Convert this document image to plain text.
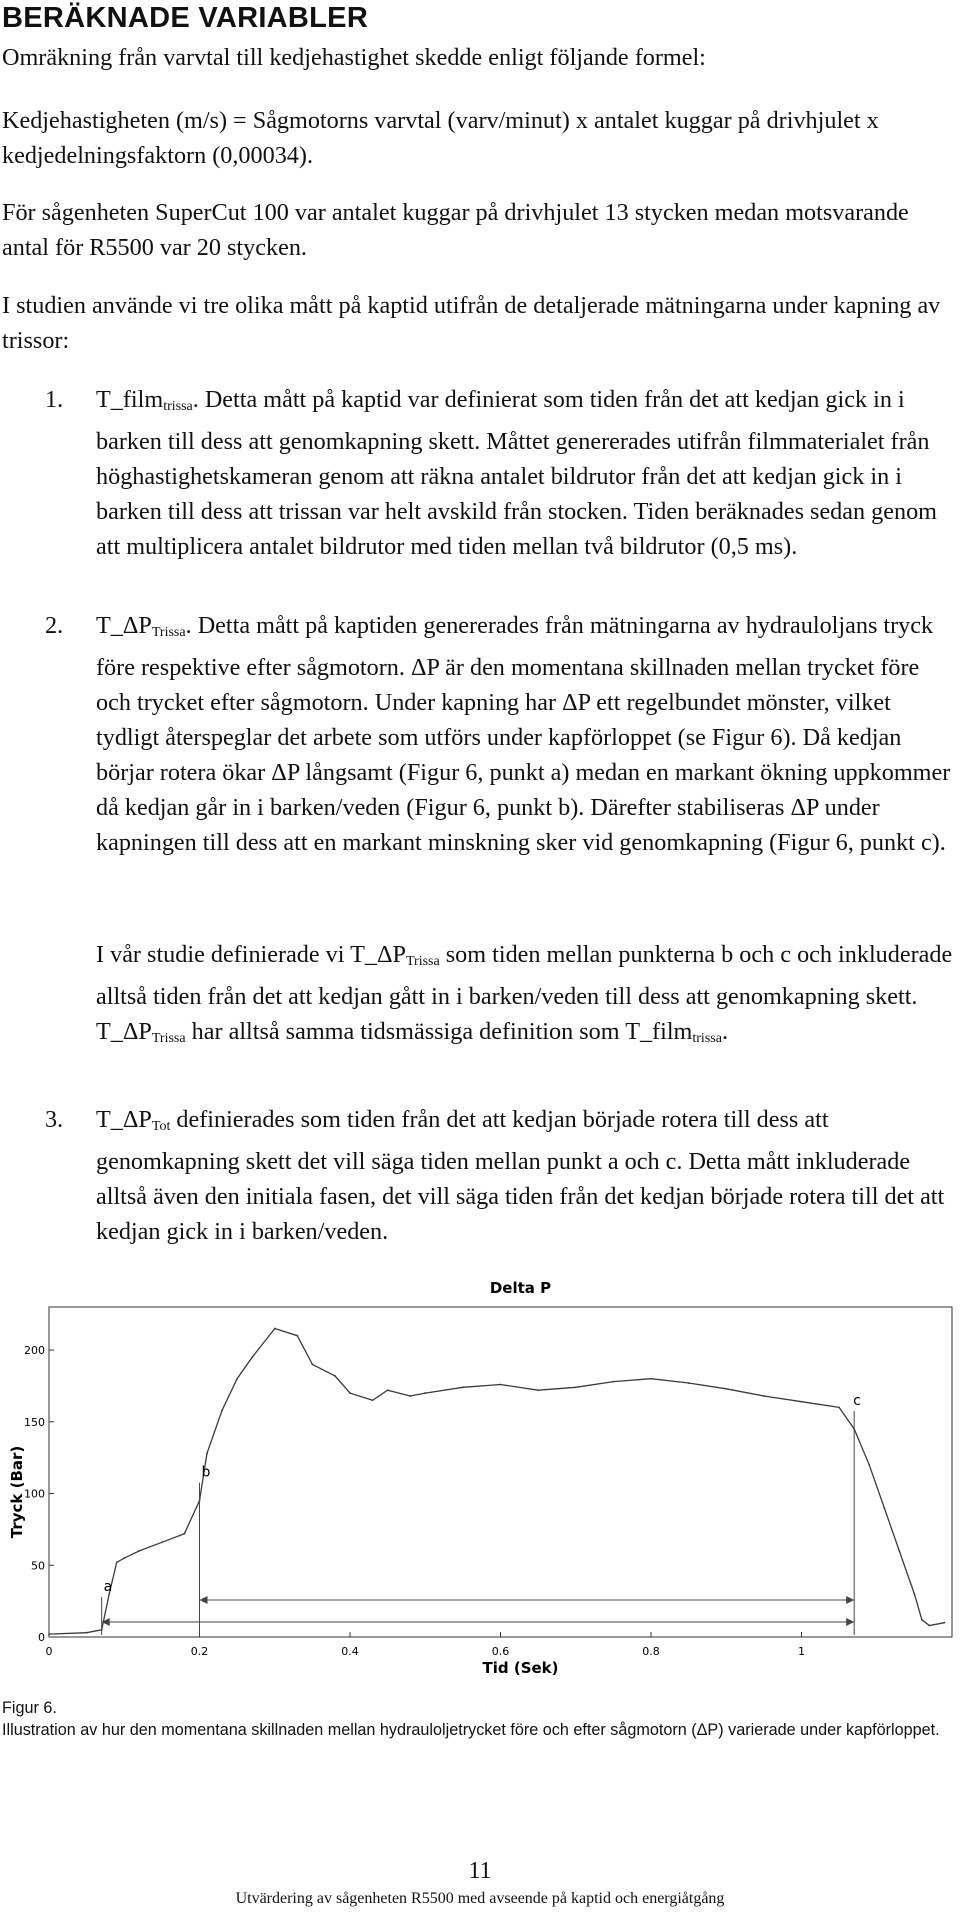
BERÄKNADE VARIABLER

Omräkning från varvtal till kedjehastighet skedde enligt följande formel:

Kedjehastigheten (m/s) = Sågmotorns varvtal (varv/minut) x antalet kuggar på drivhjulet x kedjedelningsfaktorn (0,00034).

För sågenheten SuperCut 100 var antalet kuggar på drivhjulet 13 stycken medan motsvarande antal för R5500 var 20 stycken.

I studien använde vi tre olika mått på kaptid utifrån de detaljerade mätningarna under kapning av trissor:

1. T_film$_{trissa}$. Detta mått på kaptid var definierat som tiden från det att kedjan gick in i barken till dess att genomkapning skett. Måttet genererades utifrån filmmaterialet från höghastighetskameran genom att räkna antalet bildrutor från det att kedjan gick in i barken till dess att trissan var helt avskild från stocken. Tiden beräknades sedan genom att multiplicera antalet bildrutor med tiden mellan två bildrutor (0,5 ms).

2. $T\_\Delta P_{Trissa}$. Detta mått på kaptiden genererades från mätningarna av hydrauloljans tryck före respektive efter sågmotorn. ΔP är den momentana skillnaden mellan trycket före och trycket efter sågmotorn. Under kapning har ΔP ett regelbundet mönster, vilket tydligt återspeglar det arbete som utförs under kapförloppet (se Figur 6). Då kedjan börjar rotera ökar ΔP långsamt (Figur 6, punkt a) medan en markant ökning uppkommer då kedjan går in i barken/veden (Figur 6, punkt b). Därefter stabiliseras ΔP under kapningen till dess att en markant minskning sker vid genomkapning (Figur 6, punkt c).

I vår studie definierade vi $T\_\Delta P_{Trissa}$ som tiden mellan punkterna b och c och inkluderade alltså tiden från det att kedjan gått in i barken/veden till dess att genomkapning skett. $T\_\Delta P_{Trissa}$ har alltså samma tidsmässiga definition som T_film$_{trissa}$.

3. $T\_\Delta P_{Tot}$ definierades som tiden från det att kedjan började rotera till dess att genomkapning skett det vill säga tiden mellan punkt a och c. Detta mått inkluderade alltså även den initiala fasen, det vill säga tiden från det kedjan började rotera till det att kedjan gick in i barken/veden.

Delta P
0
50
100
150
200
0	0.2	0.4	0.6	0.8	1
Tid (Sek)
Tryck (Bar)
a
b
c

Figur 6.

Illustration av hur den momentana skillnaden mellan hydrauloljetrycket före och efter sågmotorn (ΔP) varierade under kapförloppet.

11
Utvärdering av sågenheten R5500 med avseende på kaptid och energiåtgång
